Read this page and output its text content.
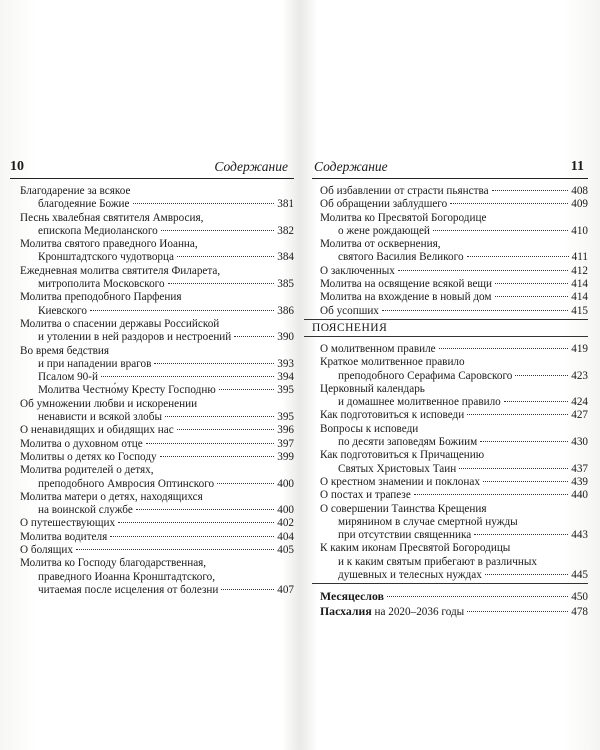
10	Содержание
Благодарение за всякое
благодеяние Божие	381
Песнь хвалебная святителя Амвросия,
епископа Медиоланского	382
Молитва святого праведного Иоанна,
Кронштадтского чудотворца	384
Ежедневная молитва святителя Филарета,
митрополита Московского	385
Молитва преподобного Парфения
Киевского	386
Молитва о спасении державы Российской
и утолении в ней раздоров и нестроений	390
Во время бедствия
и при нападении врагов	393
Псалом 90-й	394
Молитва Честно́му Кресту Господню	395
Об умножении любви и искоренении
ненависти и всякой злобы	395
О ненавидящих и обидящих нас	396
Молитва о духовном отце	397
Молитвы о детях ко Господу	399
Молитва родителей о детях,
преподобного Амвросия Оптинского	400
Молитва матери о детях, находящихся
на воинской службе	400
О путешествующих	402
Молитва водителя	404
О болящих	405
Молитва ко Господу благодарственная,
праведного Иоанна Кронштадтского,
читаемая после исцеления от болезни	407
Содержание	11
Об избавлении от страсти пьянства	408
Об обращении заблудшего	409
Молитва ко Пресвятой Богородице
о жене рождающей	410
Молитва от осквернения,
святого Василия Великого	411
О заключенных	412
Молитва на освящение всякой вещи	414
Молитва на вхождение в новый дом	414
Об усопших	415
ПОЯСНЕНИЯ
О молитвенном правиле	419
Краткое молитвенное правило
преподобного Серафима Саровского	423
Церковный календарь
и домашнее молитвенное правило	424
Как подготовиться к исповеди	427
Вопросы к исповеди
по десяти заповедям Божиим	430
Как подготовиться к Причащению
Святых Христовых Таин	437
О крестном знамении и поклонах	439
О постах и трапезе	440
О совершении Таинства Крещения
мирянином в случае смертной нужды
при отсутствии священника	443
К каким иконам Пресвятой Богородицы
и к каким святым прибегают в различных
душевных и телесных нуждах	445
Месяцеслов	450
Пасхалия на 2020–2036 годы	478
